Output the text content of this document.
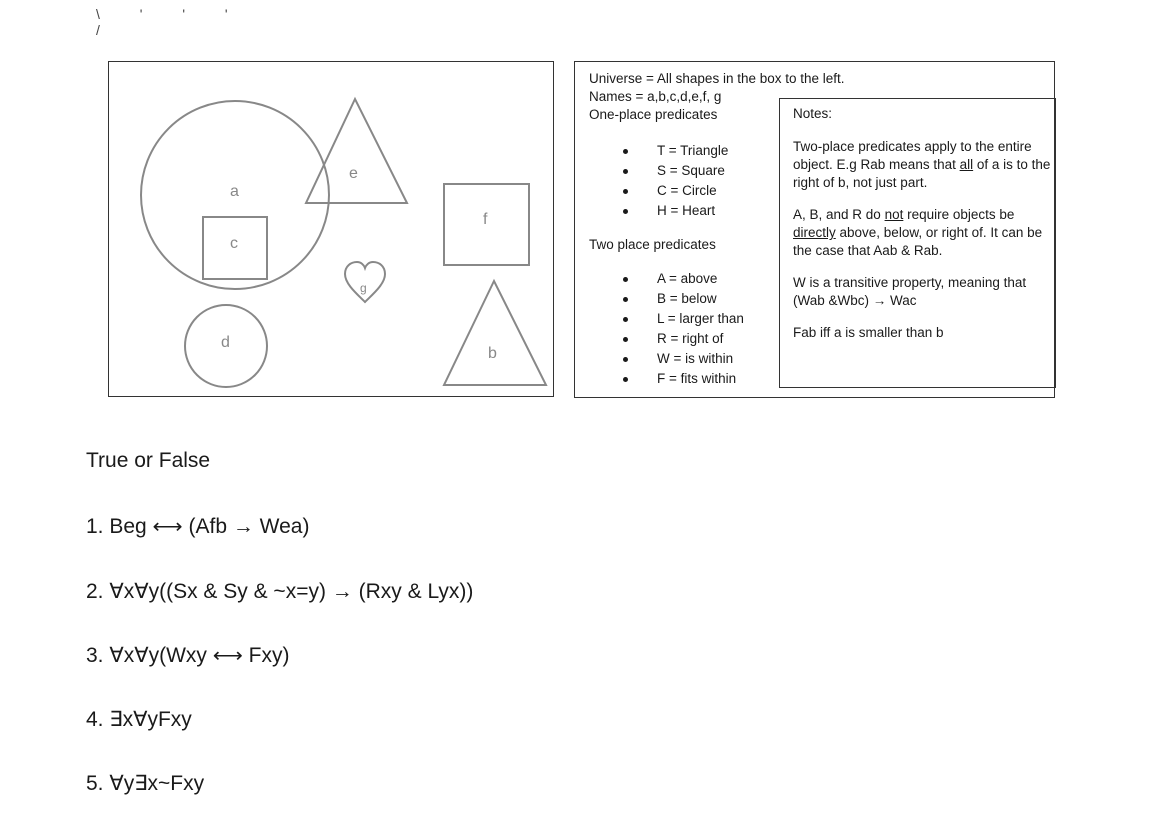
\ ' ' ' /
a
c
e
f
g
d
b
Universe = All shapes in the box to the left.
Names = a,b,c,d,e,f, g
One-place predicates
T = Triangle
S = Square
C = Circle
H = Heart
Two place predicates
A = above
B = below
L = larger than
R = right of
W = is within
F = fits within

Notes:

Two-place predicates apply to the entire object. E.g Rab means that all of a is to the right of b, not just part.

A, B, and R do not require objects be directly above, below, or right of. It can be the case that Aab & Rab.

W is a transitive property, meaning that (Wab &Wbc) → Wac

Fab iff a is smaller than b

True or False
1. Beg ⟷ (Afb → Wea)
2. ∀x∀y((Sx & Sy & ~x=y) → (Rxy & Lyx))
3. ∀x∀y(Wxy ⟷ Fxy)
4. ∃x∀yFxy
5. ∀y∃x~Fxy
